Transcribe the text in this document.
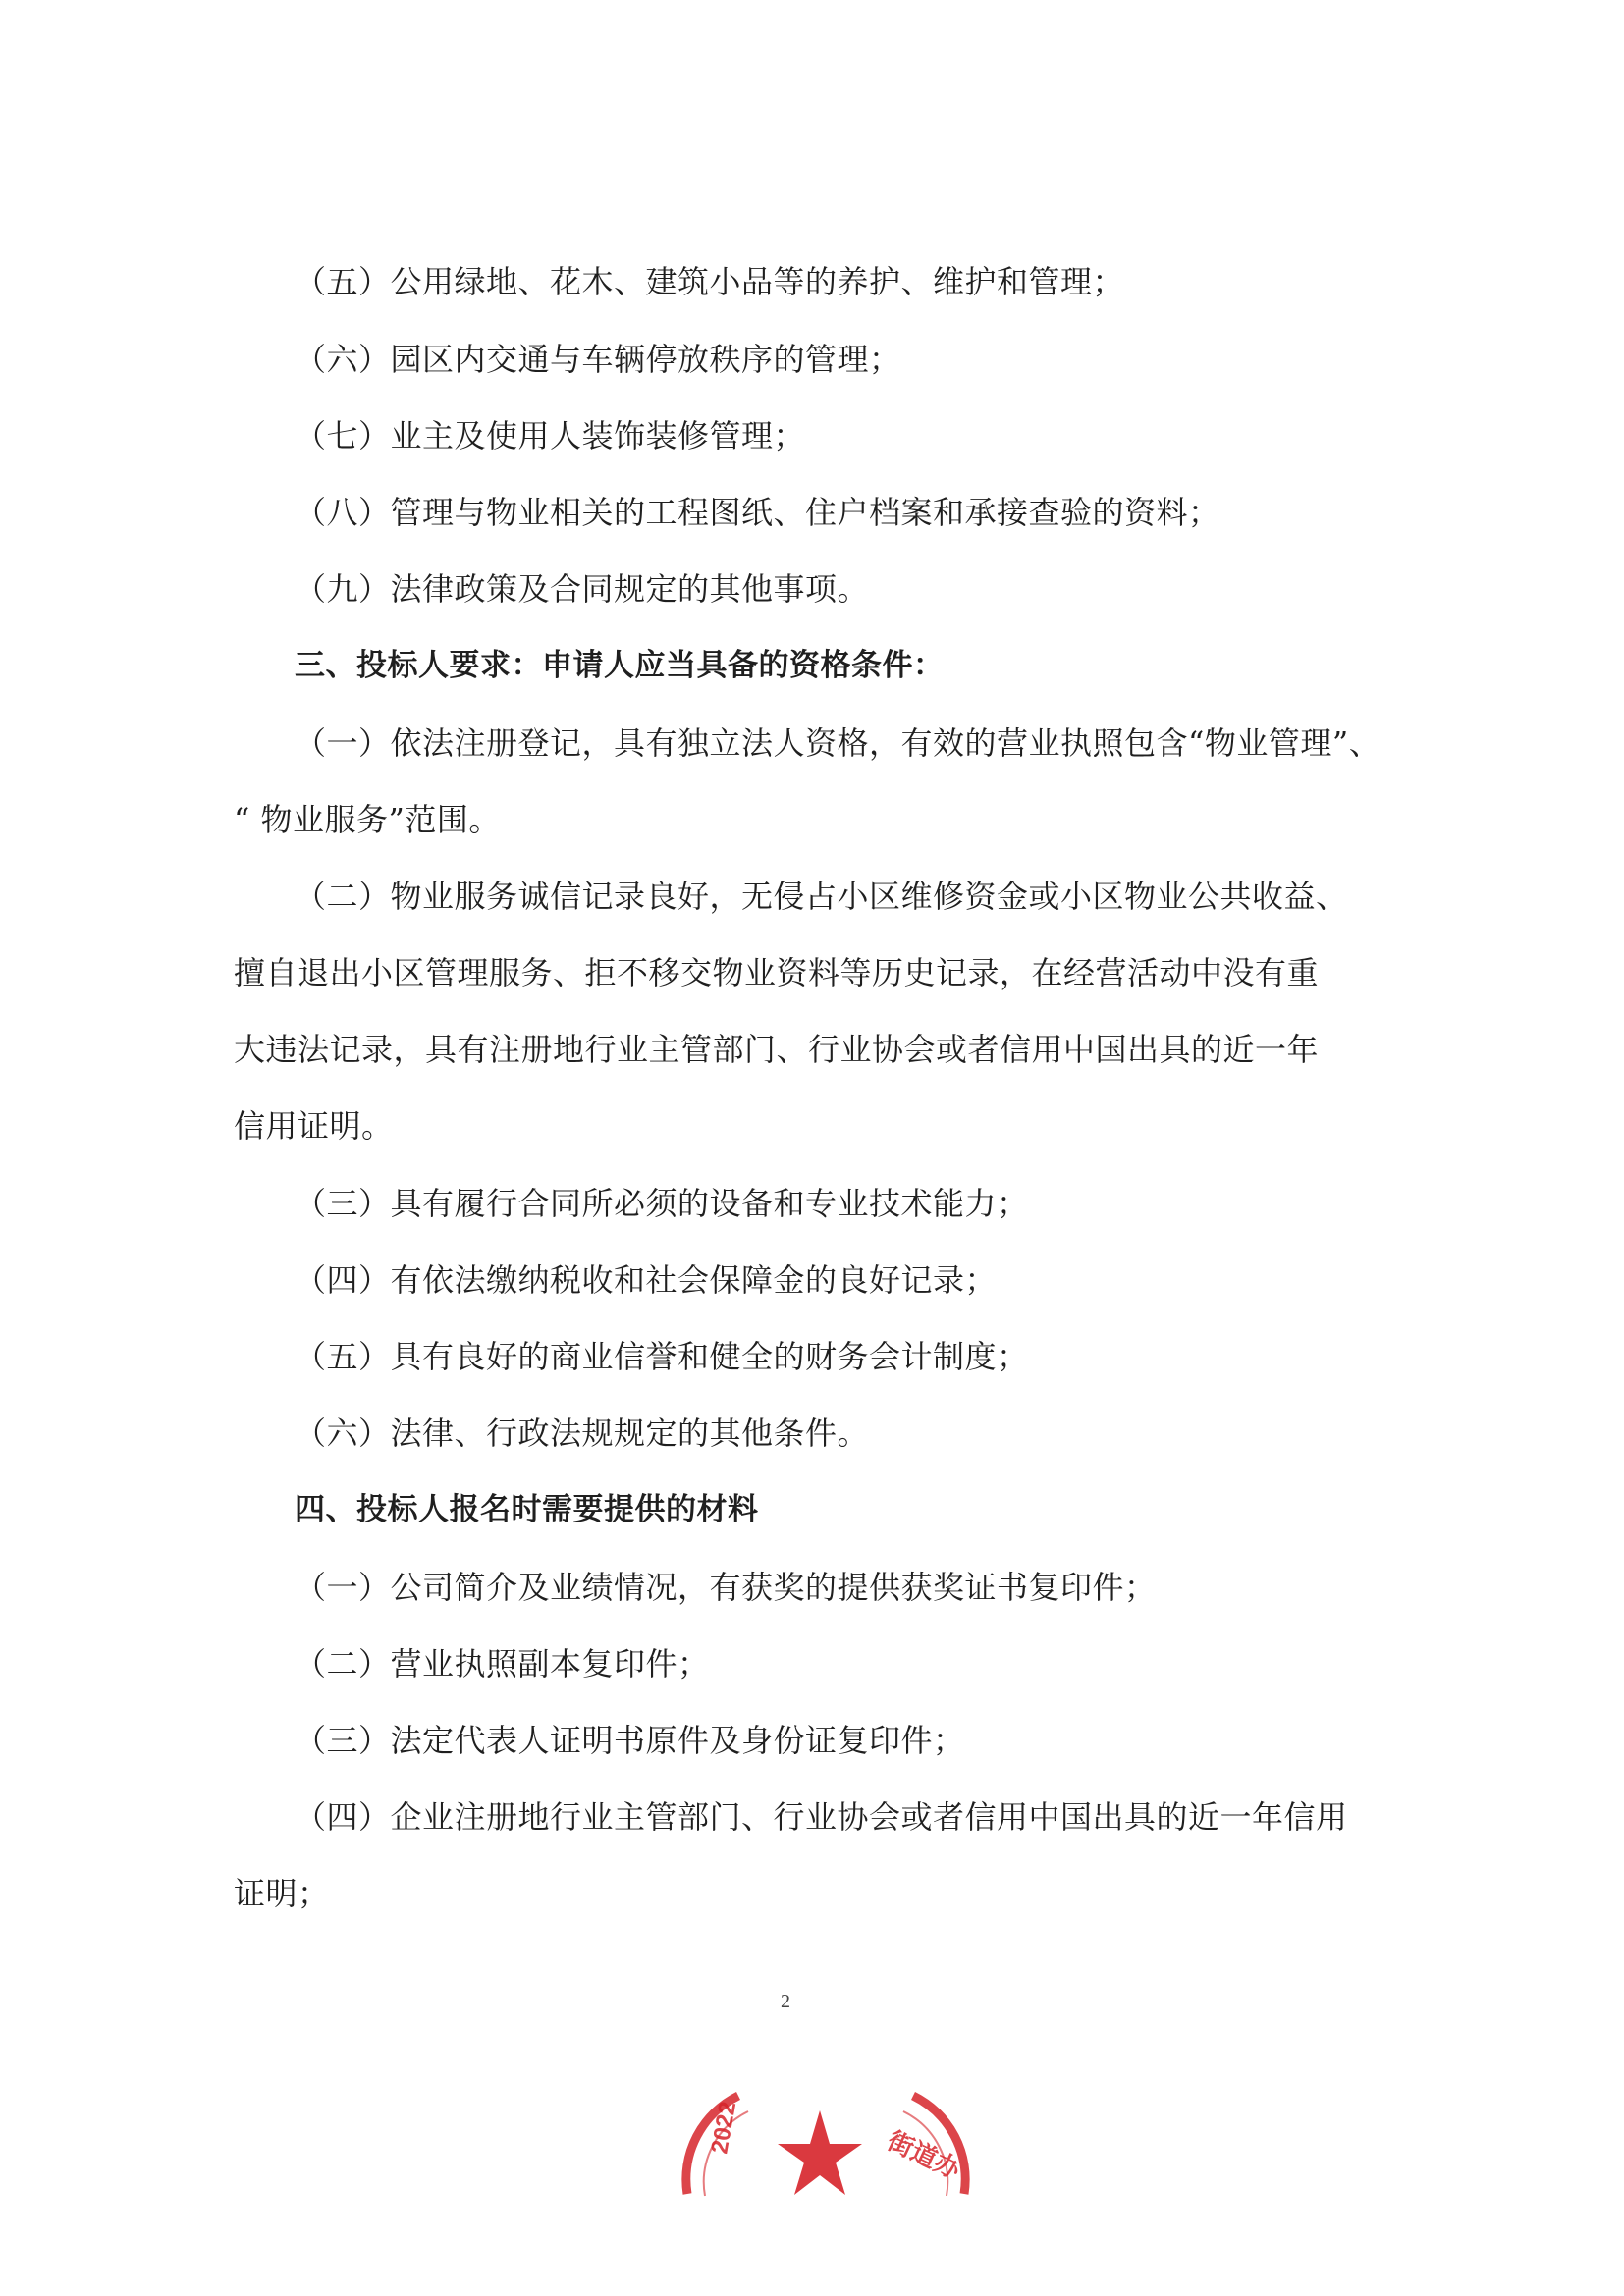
（五）公用绿地、花木、建筑小品等的养护、维护和管理；
（六）园区内交通与车辆停放秩序的管理；
（七）业主及使用人装饰装修管理；
（八）管理与物业相关的工程图纸、住户档案和承接查验的资料；
（九）法律政策及合同规定的其他事项。
三、投标人要求：申请人应当具备的资格条件：
（一）依法注册登记，具有独立法人资格，有效的营业执照包含“物业管理”、
“ 物业服务”范围。
（二）物业服务诚信记录良好，无侵占小区维修资金或小区物业公共收益、
擅自退出小区管理服务、拒不移交物业资料等历史记录，在经营活动中没有重
大违法记录，具有注册地行业主管部门、行业协会或者信用中国出具的近一年
信用证明。
（三）具有履行合同所必须的设备和专业技术能力；
（四）有依法缴纳税收和社会保障金的良好记录；
（五）具有良好的商业信誉和健全的财务会计制度；
（六）法律、行政法规规定的其他条件。
四、投标人报名时需要提供的材料
（一）公司简介及业绩情况，有获奖的提供获奖证书复印件；
（二）营业执照副本复印件；
（三）法定代表人证明书原件及身份证复印件；
（四）企业注册地行业主管部门、行业协会或者信用中国出具的近一年信用
证明；
2
2022	街道办
